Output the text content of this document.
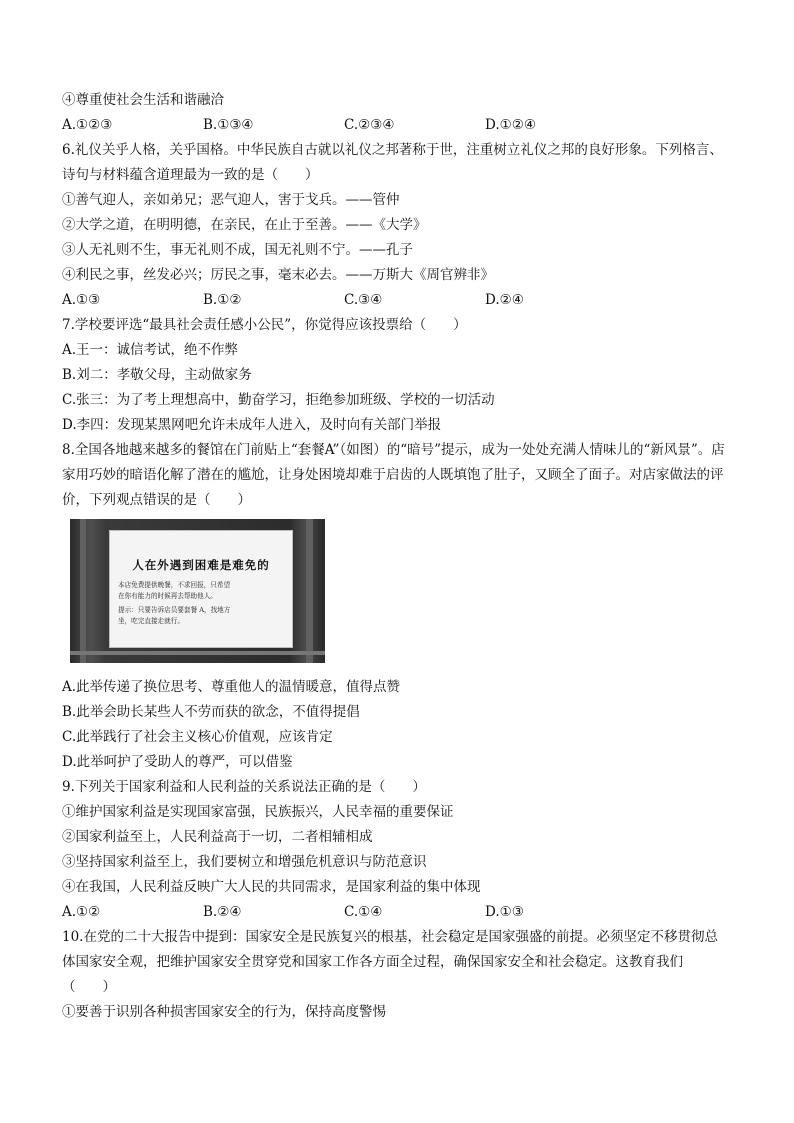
④尊重使社会生活和谐融洽
A.①②③	B.①③④	C.②③④	D.①②④
6.礼仪关乎人格，关乎国格。中华民族自古就以礼仪之邦著称于世，注重树立礼仪之邦的良好形象。下列格言、诗句与材料蕴含道理最为一致的是（　　）
①善气迎人，亲如弟兄；恶气迎人，害于戈兵。——管仲
②大学之道，在明明德，在亲民，在止于至善。——《大学》
③人无礼则不生，事无礼则不成，国无礼则不宁。——孔子
④利民之事，丝发必兴；厉民之事，毫末必去。——万斯大《周官辨非》
A.①③	B.①②	C.③④	D.②④
7.学校要评选“最具社会责任感小公民”，你觉得应该投票给（　　）
A.王一：诚信考试，绝不作弊
B.刘二：孝敬父母，主动做家务
C.张三：为了考上理想高中，勤奋学习，拒绝参加班级、学校的一切活动
D.李四：发现某黑网吧允许未成年人进入，及时向有关部门举报
8.全国各地越来越多的餐馆在门前贴上“套餐A”（如图）的“暗号”提示，成为一处处充满人情味儿的“新风景”。店家用巧妙的暗语化解了潜在的尴尬，让身处困境却难于启齿的人既填饱了肚子，又顾全了面子。对店家做法的评价，下列观点错误的是（　　）
人在外遇到困难是难免的
本店免费提供晚餐，不求回报，只希望
在你有能力的时候再去帮助他人。
提示：只要告诉店员要套餐 A，找地方
坐，吃完直接走就行。
A.此举传递了换位思考、尊重他人的温情暖意，值得点赞
B.此举会助长某些人不劳而获的欲念，不值得提倡
C.此举践行了社会主义核心价值观，应该肯定
D.此举呵护了受助人的尊严，可以借鉴
9.下列关于国家利益和人民利益的关系说法正确的是（　　）
①维护国家利益是实现国家富强，民族振兴，人民幸福的重要保证
②国家利益至上，人民利益高于一切，二者相辅相成
③坚持国家利益至上，我们要树立和增强危机意识与防范意识
④在我国，人民利益反映广大人民的共同需求，是国家利益的集中体现
A.①②	B.②④	C.①④	D.①③
10.在党的二十大报告中提到：国家安全是民族复兴的根基，社会稳定是国家强盛的前提。必须坚定不移贯彻总体国家安全观，把维护国家安全贯穿党和国家工作各方面全过程，确保国家安全和社会稳定。这教育我们（　　）
①要善于识别各种损害国家安全的行为，保持高度警惕
